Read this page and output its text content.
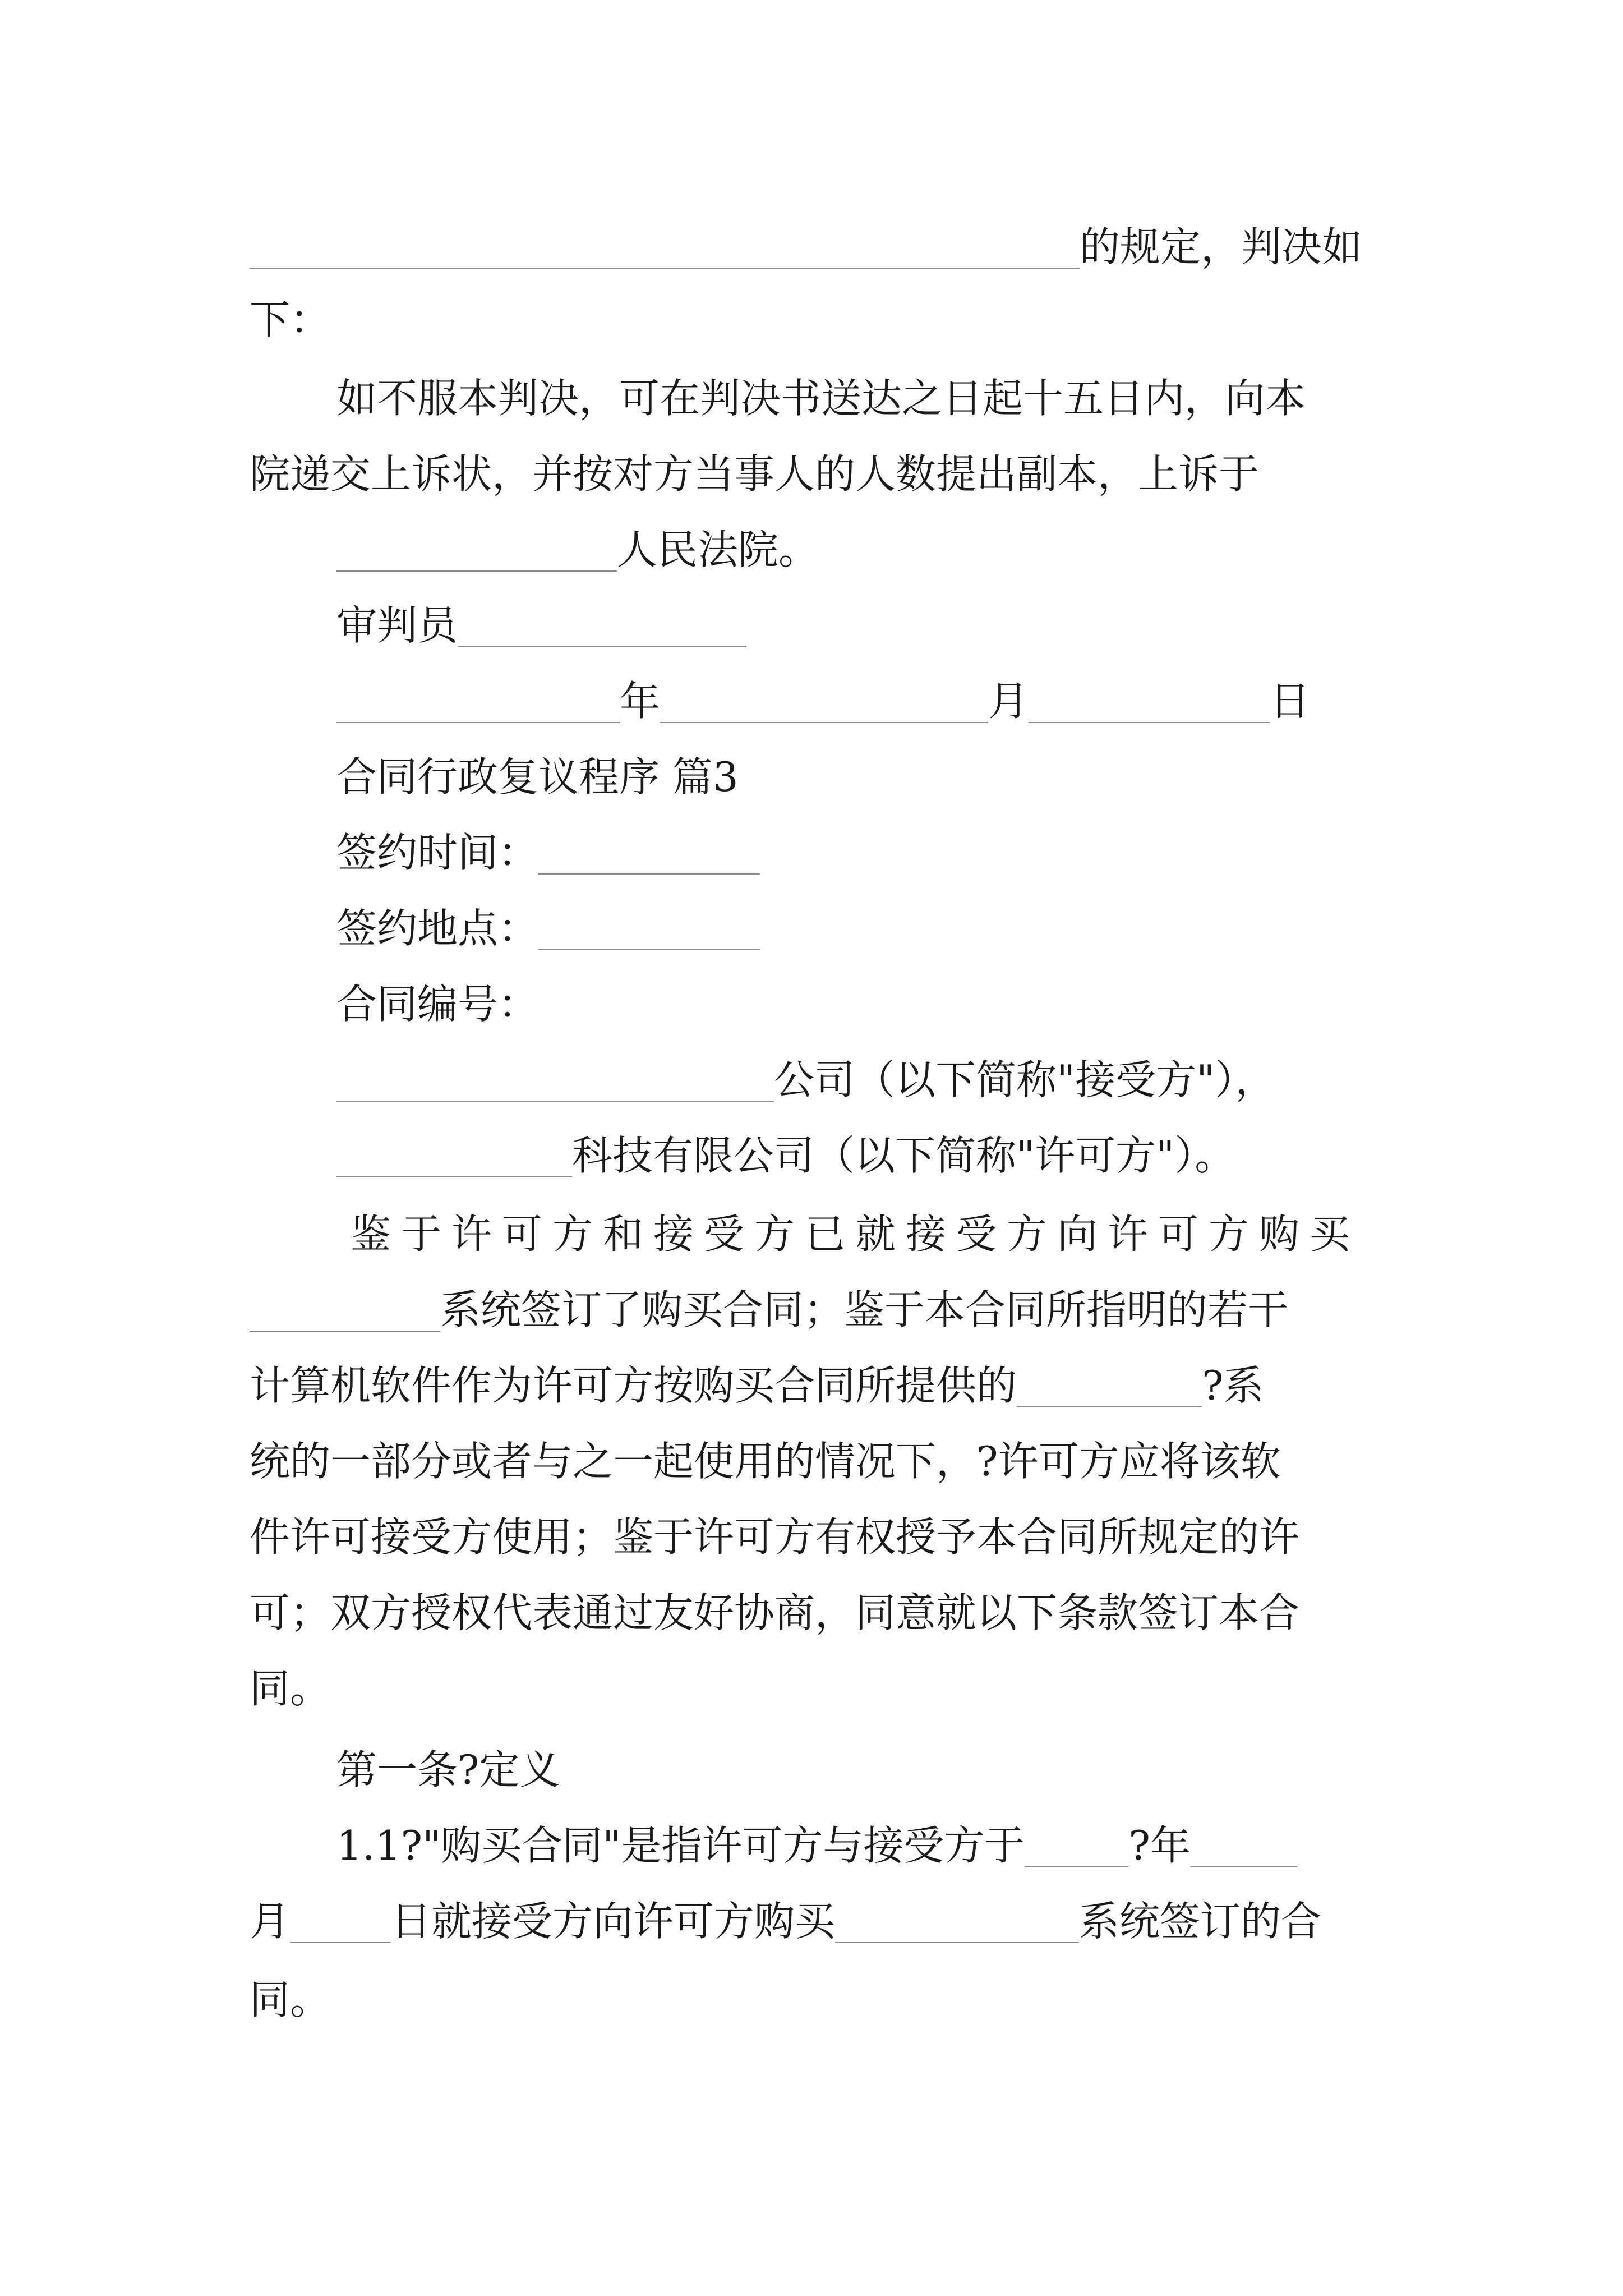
的规定，判决如
下：
如不服本判决，可在判决书送达之日起十五日内，向本
院递交上诉状，并按对方当事人的人数提出副本，上诉于
人民法院。
审判员
年	月	日
合同行政复议程序 篇3
签约时间：
签约地点：
合同编号：
公司（以下简称"接受方"），
科技有限公司（以下简称"许可方"）。
鉴于许可方和接受方已就接受方向许可方购买
系统签订了购买合同；鉴于本合同所指明的若干
计算机软件作为许可方按购买合同所提供的	?系
统的一部分或者与之一起使用的情况下，?许可方应将该软
件许可接受方使用；鉴于许可方有权授予本合同所规定的许
可；双方授权代表通过友好协商，同意就以下条款签订本合
同。
第一条?定义
1.1?"购买合同"是指许可方与接受方于	?年
月	日就接受方向许可方购买	系统签订的合
同。
